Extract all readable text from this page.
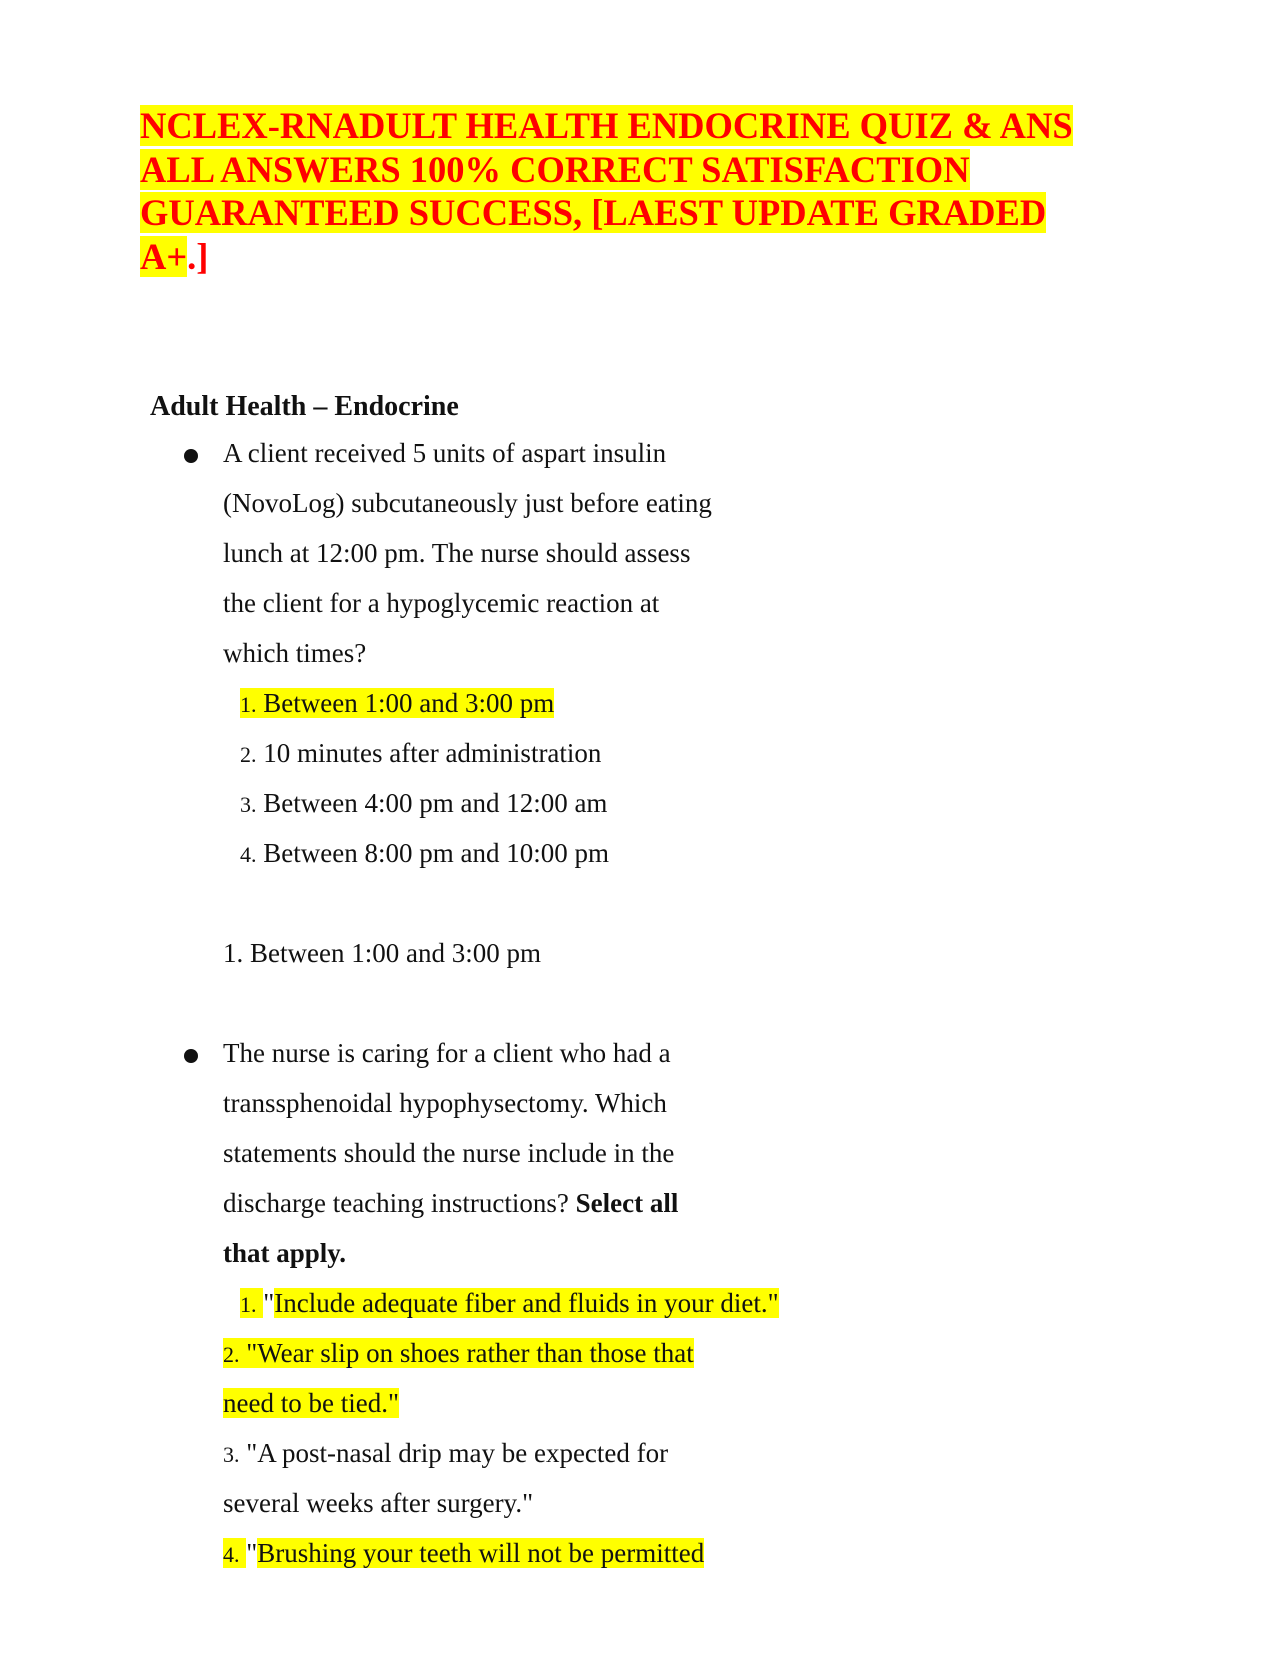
NCLEX-RNADULT HEALTH ENDOCRINE QUIZ & ANS
ALL ANSWERS 100% CORRECT SATISFACTION
GUARANTEED SUCCESS, [LAEST UPDATE GRADED
A+.]
Adult Health – Endocrine

A client received 5 units of aspart insulin

(NovoLog) subcutaneously just before eating

lunch at 12:00 pm. The nurse should assess

the client for a hypoglycemic reaction at

which times?

1. Between 1:00 and 3:00 pm

2. 10 minutes after administration

3. Between 4:00 pm and 12:00 am

4. Between 8:00 pm and 10:00 pm

1. Between 1:00 and 3:00 pm

The nurse is caring for a client who had a

transsphenoidal hypophysectomy. Which

statements should the nurse include in the

discharge teaching instructions? Select all

that apply.

1. "Include adequate fiber and fluids in your diet."

2. "Wear slip on shoes rather than those that

need to be tied."

3. "A post-nasal drip may be expected for

several weeks after surgery."

4. "Brushing your teeth will not be permitted
